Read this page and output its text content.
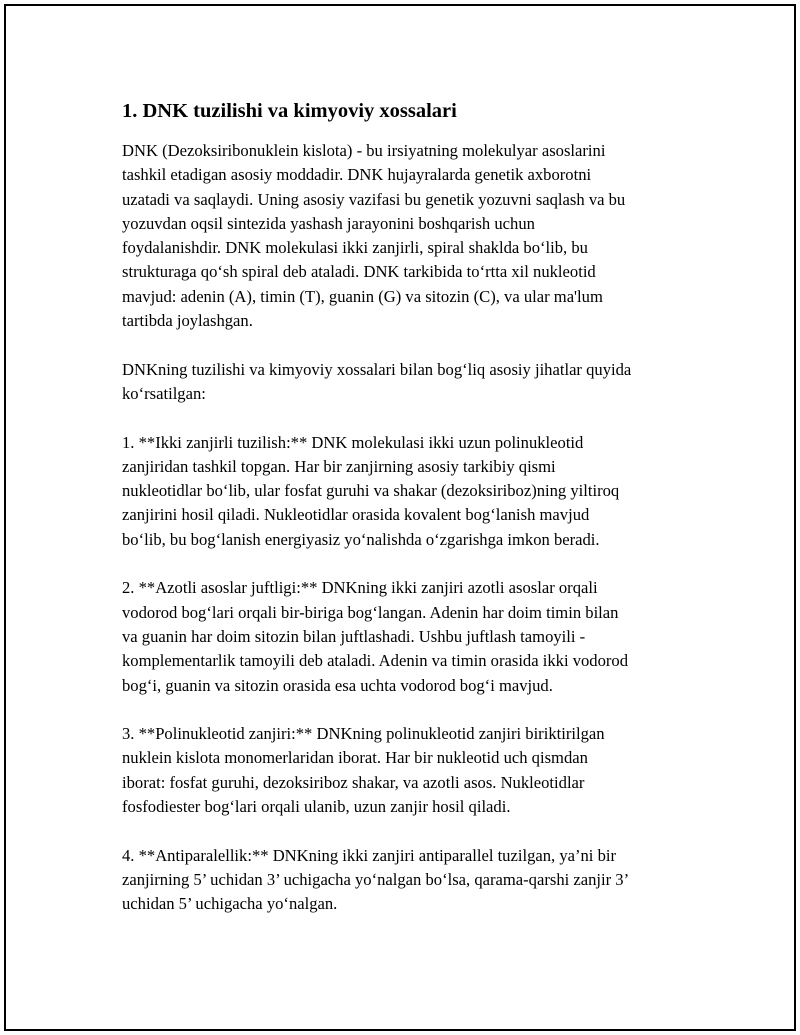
1. DNK tuzilishi va kimyoviy xossalari
DNK (Dezoksiribonuklein kislota) - bu irsiyatning molekulyar asoslarini
tashkil etadigan asosiy moddadir. DNK hujayralarda genetik axborotni
uzatadi va saqlaydi. Uning asosiy vazifasi bu genetik yozuvni saqlash va bu
yozuvdan oqsil sintezida yashash jarayonini boshqarish uchun
foydalanishdir. DNK molekulasi ikki zanjirli, spiral shaklda bo‘lib, bu
strukturaga qo‘sh spiral deb ataladi. DNK tarkibida to‘rtta xil nukleotid
mavjud: adenin (A), timin (T), guanin (G) va sitozin (C), va ular ma'lum
tartibda joylashgan.
DNKning tuzilishi va kimyoviy xossalari bilan bog‘liq asosiy jihatlar quyida
ko‘rsatilgan:
1. **Ikki zanjirli tuzilish:** DNK molekulasi ikki uzun polinukleotid
zanjiridan tashkil topgan. Har bir zanjirning asosiy tarkibiy qismi
nukleotidlar bo‘lib, ular fosfat guruhi va shakar (dezoksiriboz)ning yiltiroq
zanjirini hosil qiladi. Nukleotidlar orasida kovalent bog‘lanish mavjud
bo‘lib, bu bog‘lanish energiyasiz yo‘nalishda o‘zgarishga imkon beradi.
2. **Azotli asoslar juftligi:** DNKning ikki zanjiri azotli asoslar orqali
vodorod bog‘lari orqali bir-biriga bog‘langan. Adenin har doim timin bilan
va guanin har doim sitozin bilan juftlashadi. Ushbu juftlash tamoyili -
komplementarlik tamoyili deb ataladi. Adenin va timin orasida ikki vodorod
bog‘i, guanin va sitozin orasida esa uchta vodorod bog‘i mavjud.
3. **Polinukleotid zanjiri:** DNKning polinukleotid zanjiri biriktirilgan
nuklein kislota monomerlaridan iborat. Har bir nukleotid uch qismdan
iborat: fosfat guruhi, dezoksiriboz shakar, va azotli asos. Nukleotidlar
fosfodiester bog‘lari orqali ulanib, uzun zanjir hosil qiladi.
4. **Antiparalellik:** DNKning ikki zanjiri antiparallel tuzilgan, ya’ni bir
zanjirning 5’ uchidan 3’ uchigacha yo‘nalgan bo‘lsa, qarama-qarshi zanjir 3’
uchidan 5’ uchigacha yo‘nalgan.
